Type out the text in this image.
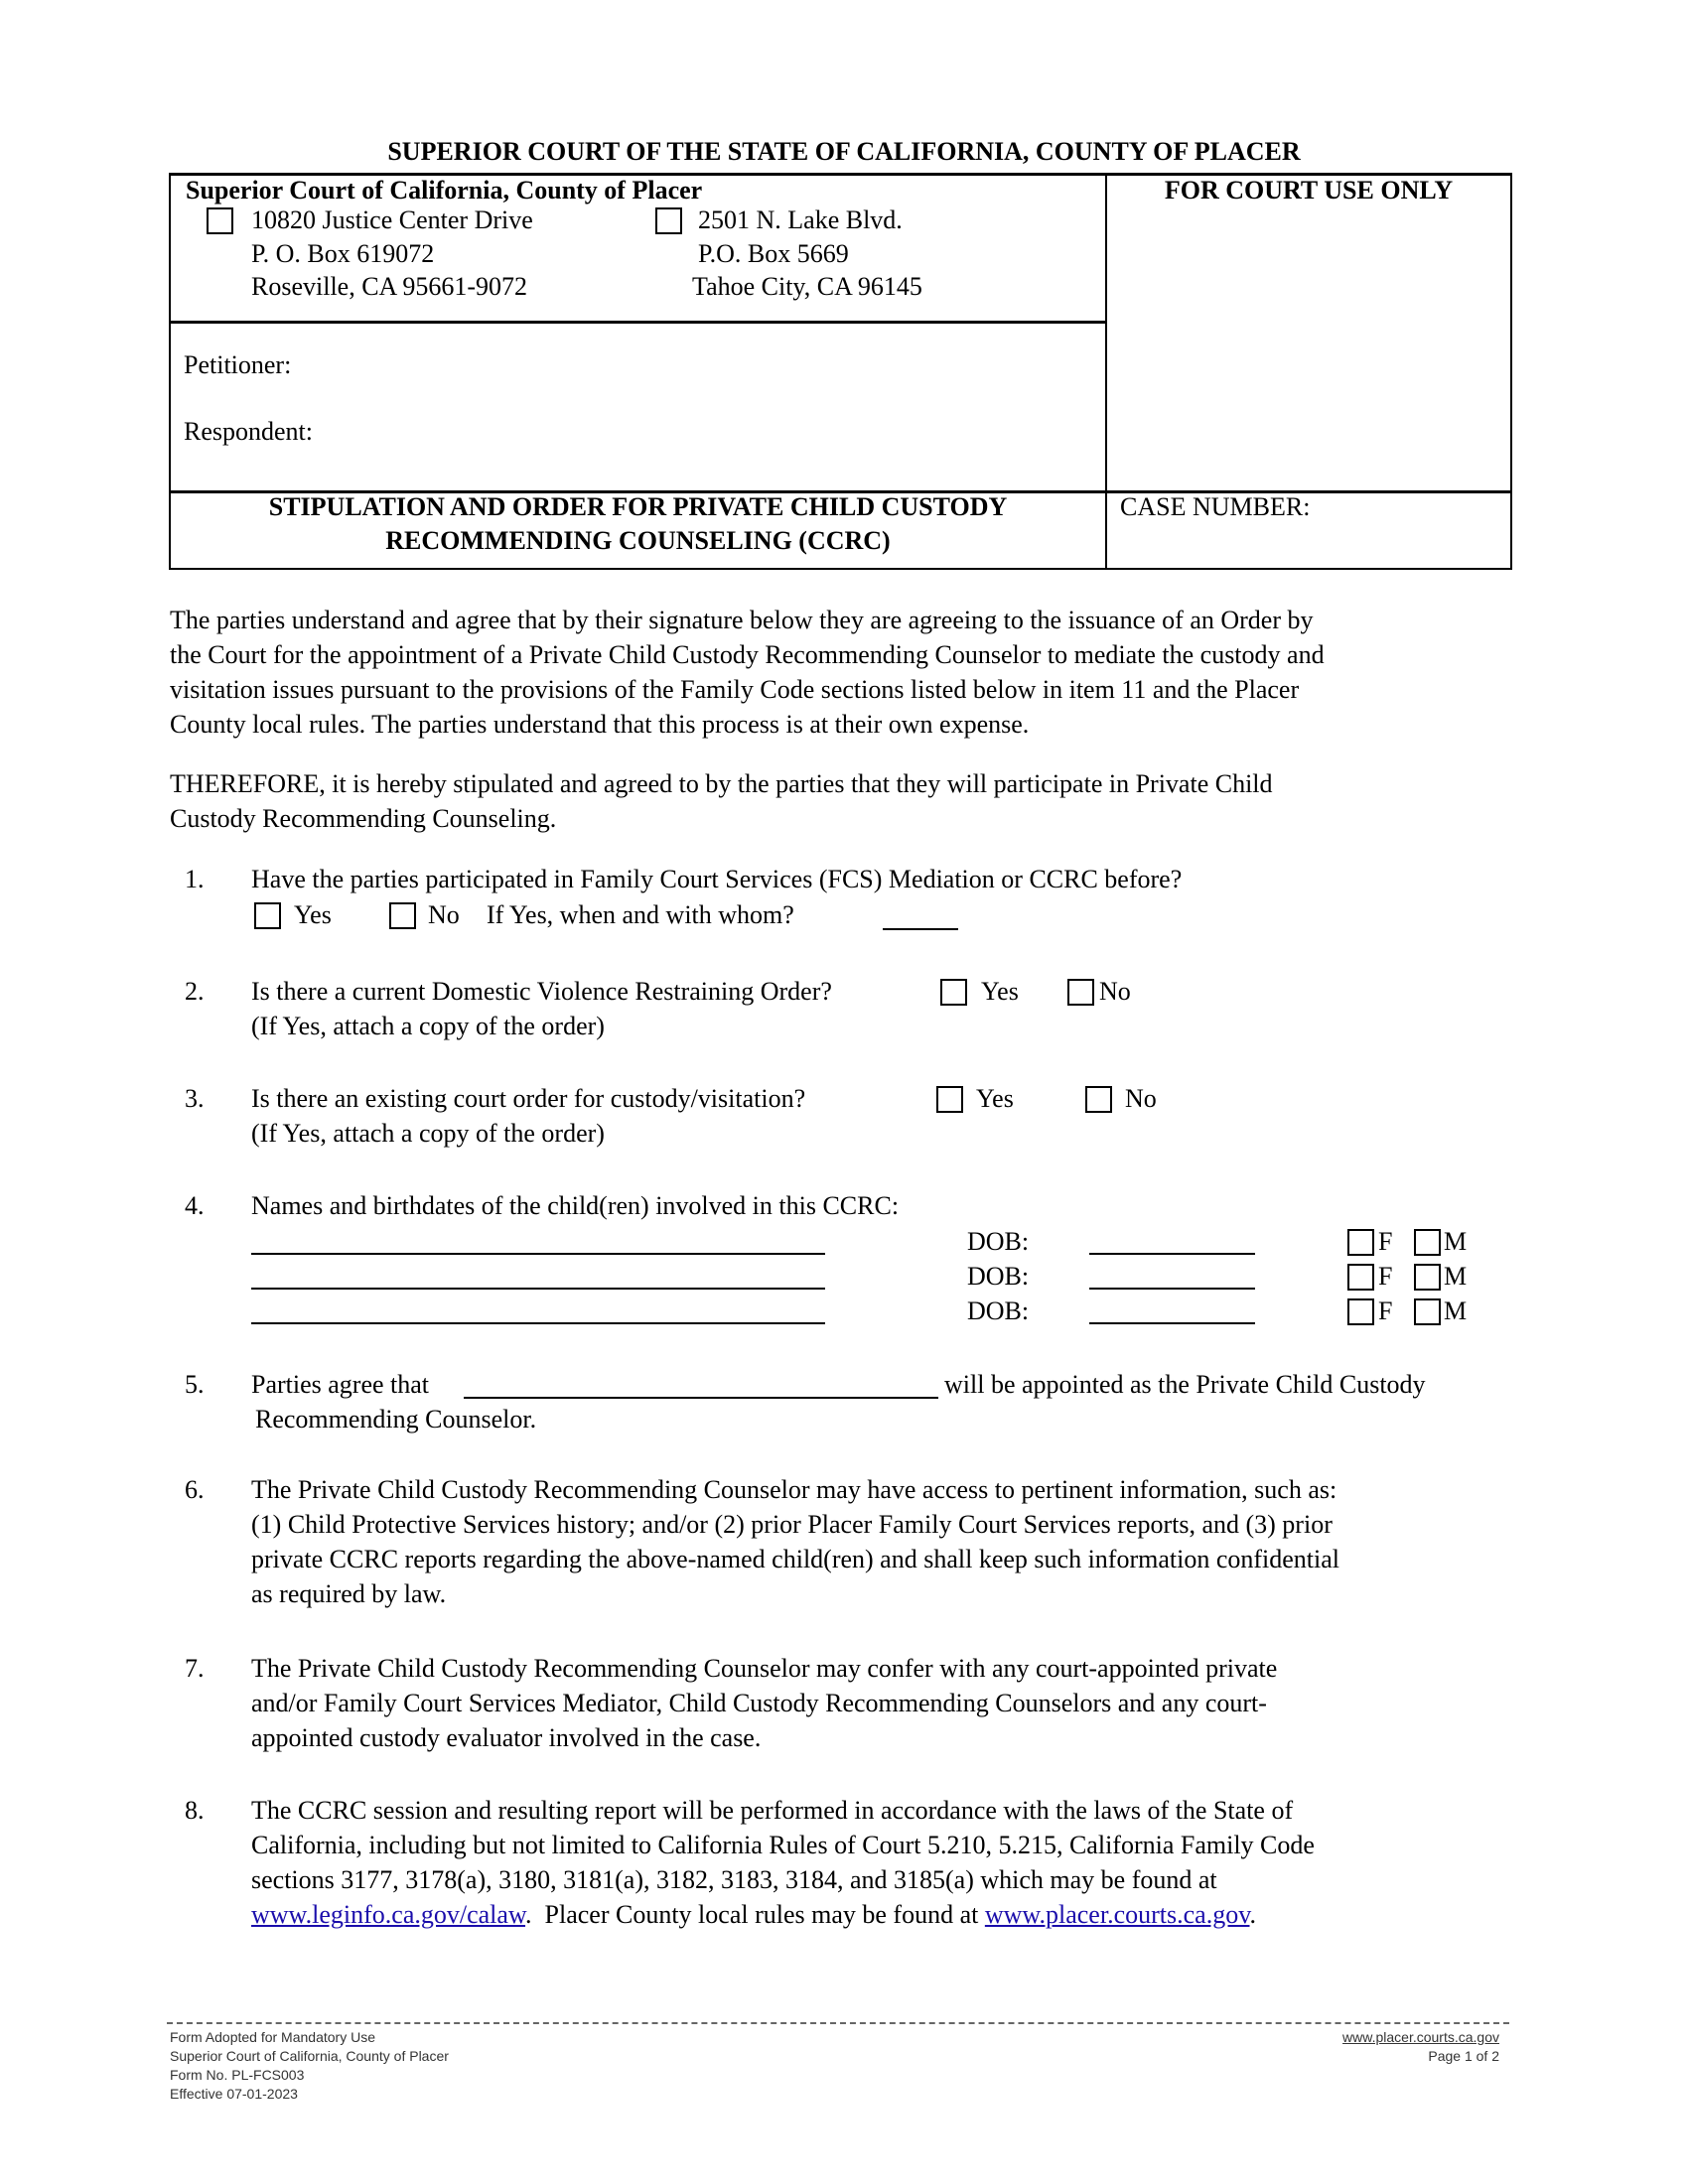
SUPERIOR COURT OF THE STATE OF CALIFORNIA, COUNTY OF PLACER
Superior Court of California, County of Placer
10820 Justice Center Drive
P. O. Box 619072
Roseville, CA 95661-9072
2501 N. Lake Blvd.
P.O. Box 5669
Tahoe City, CA 96145
FOR COURT USE ONLY
Petitioner:
Respondent:
STIPULATION AND ORDER FOR PRIVATE CHILD CUSTODY
RECOMMENDING COUNSELING (CCRC)
CASE NUMBER:
The parties understand and agree that by their signature below they are agreeing to the issuance of an Order by
the Court for the appointment of a Private Child Custody Recommending Counselor to mediate the custody and
visitation issues pursuant to the provisions of the Family Code sections listed below in item 11 and the Placer
County local rules. The parties understand that this process is at their own expense.
THEREFORE, it is hereby stipulated and agreed to by the parties that they will participate in Private Child
Custody Recommending Counseling.
1. Have the parties participated in Family Court Services (FCS) Mediation or CCRC before?
Yes	No If Yes, when and with whom?
2. Is there a current Domestic Violence Restraining Order?	Yes	No
(If Yes, attach a copy of the order)
3. Is there an existing court order for custody/visitation?	Yes	No
(If Yes, attach a copy of the order)
4. Names and birthdates of the child(ren) involved in this CCRC:
DOB:	F M
DOB:	F M
DOB:	F M
5. Parties agree that	will be appointed as the Private Child Custody
Recommending Counselor.
6. The Private Child Custody Recommending Counselor may have access to pertinent information, such as:
(1) Child Protective Services history; and/or (2) prior Placer Family Court Services reports, and (3) prior
private CCRC reports regarding the above-named child(ren) and shall keep such information confidential
as required by law.
7. The Private Child Custody Recommending Counselor may confer with any court-appointed private
and/or Family Court Services Mediator, Child Custody Recommending Counselors and any court-
appointed custody evaluator involved in the case.
8. The CCRC session and resulting report will be performed in accordance with the laws of the State of
California, including but not limited to California Rules of Court 5.210, 5.215, California Family Code
sections 3177, 3178(a), 3180, 3181(a), 3182, 3183, 3184, and 3185(a) which may be found at
www.leginfo.ca.gov/calaw.  Placer County local rules may be found at www.placer.courts.ca.gov.
Form Adopted for Mandatory Use
Superior Court of California, County of Placer
Form No. PL-FCS003
Effective 07-01-2023
www.placer.courts.ca.gov
Page 1 of 2
